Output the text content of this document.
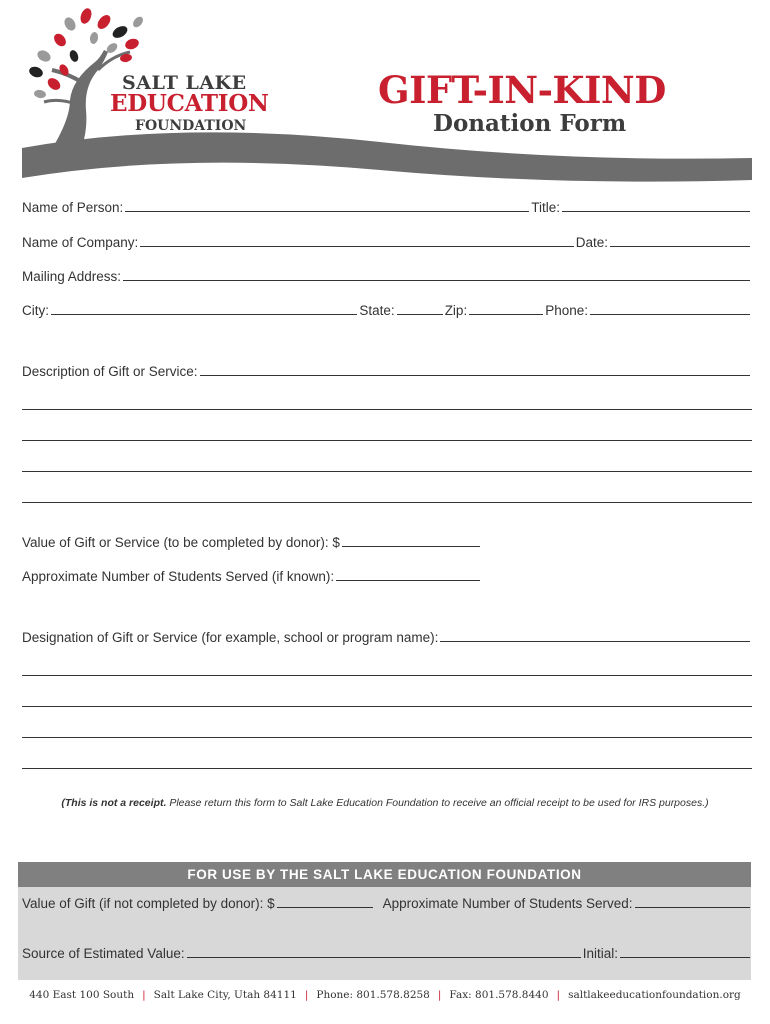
SALT LAKE
EDUCATION
FOUNDATION
GIFT-IN-KIND
Donation Form
Name of Person:	Title:
Name of Company:	Date:
Mailing Address:
City:	State:	Zip:	Phone:
Description of Gift or Service:
Value of Gift or Service (to be completed by donor): $
Approximate Number of Students Served (if known):
Designation of Gift or Service (for example, school or program name):
(This is not a receipt. Please return this form to Salt Lake Education Foundation to receive an official receipt to be used for IRS purposes.)
FOR USE BY THE SALT LAKE EDUCATION FOUNDATION
Value of Gift (if not completed by donor): $	Approximate Number of Students Served:
Source of Estimated Value:	Initial:
440 East 100 South | Salt Lake City, Utah 84111 | Phone: 801.578.8258 | Fax: 801.578.8440 | saltlakeeducationfoundation.org
